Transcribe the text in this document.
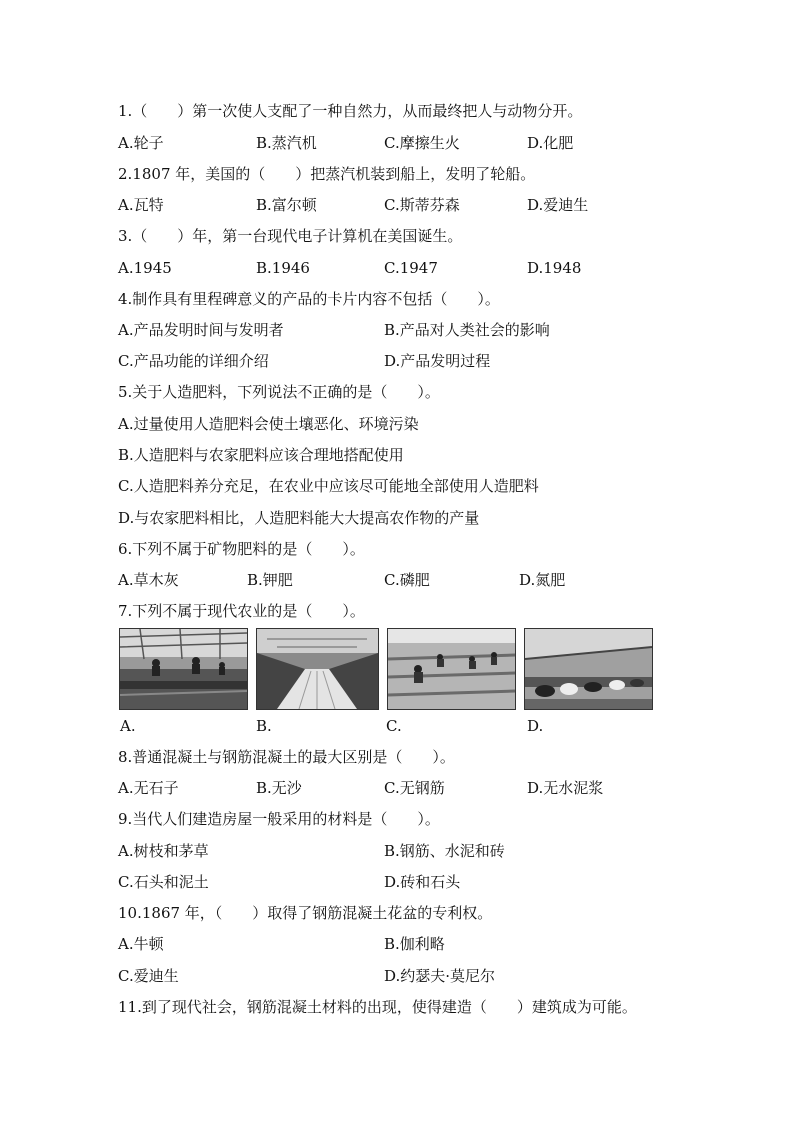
1.（　　）第一次使人支配了一种自然力，从而最终把人与动物分开。
A.轮子	B.蒸汽机	C.摩擦生火	D.化肥
2.1807 年，美国的（　　）把蒸汽机装到船上，发明了轮船。
A.瓦特	B.富尔顿	C.斯蒂芬森	D.爱迪生
3.（　　）年，第一台现代电子计算机在美国诞生。
A.1945	B.1946	C.1947	D.1948
4.制作具有里程碑意义的产品的卡片内容不包括（　　）。
A.产品发明时间与发明者	B.产品对人类社会的影响
C.产品功能的详细介绍	D.产品发明过程
5.关于人造肥料，下列说法不正确的是（　　）。
A.过量使用人造肥料会使土壤恶化、环境污染
B.人造肥料与农家肥料应该合理地搭配使用
C.人造肥料养分充足，在农业中应该尽可能地全部使用人造肥料
D.与农家肥料相比，人造肥料能大大提高农作物的产量
6.下列不属于矿物肥料的是（　　）。
A.草木灰	B.钾肥	C.磷肥	D.氮肥
7.下列不属于现代农业的是（　　）。
A.	B.	C.	D.
8.普通混凝土与钢筋混凝土的最大区别是（　　）。
A.无石子	B.无沙	C.无钢筋	D.无水泥浆
9.当代人们建造房屋一般采用的材料是（　　）。
A.树枝和茅草	B.钢筋、水泥和砖
C.石头和泥土	D.砖和石头
10.1867 年，（　　）取得了钢筋混凝土花盆的专利权。
A.牛顿	B.伽利略
C.爱迪生	D.约瑟夫·莫尼尔
11.到了现代社会，钢筋混凝土材料的出现，使得建造（　　）建筑成为可能。
